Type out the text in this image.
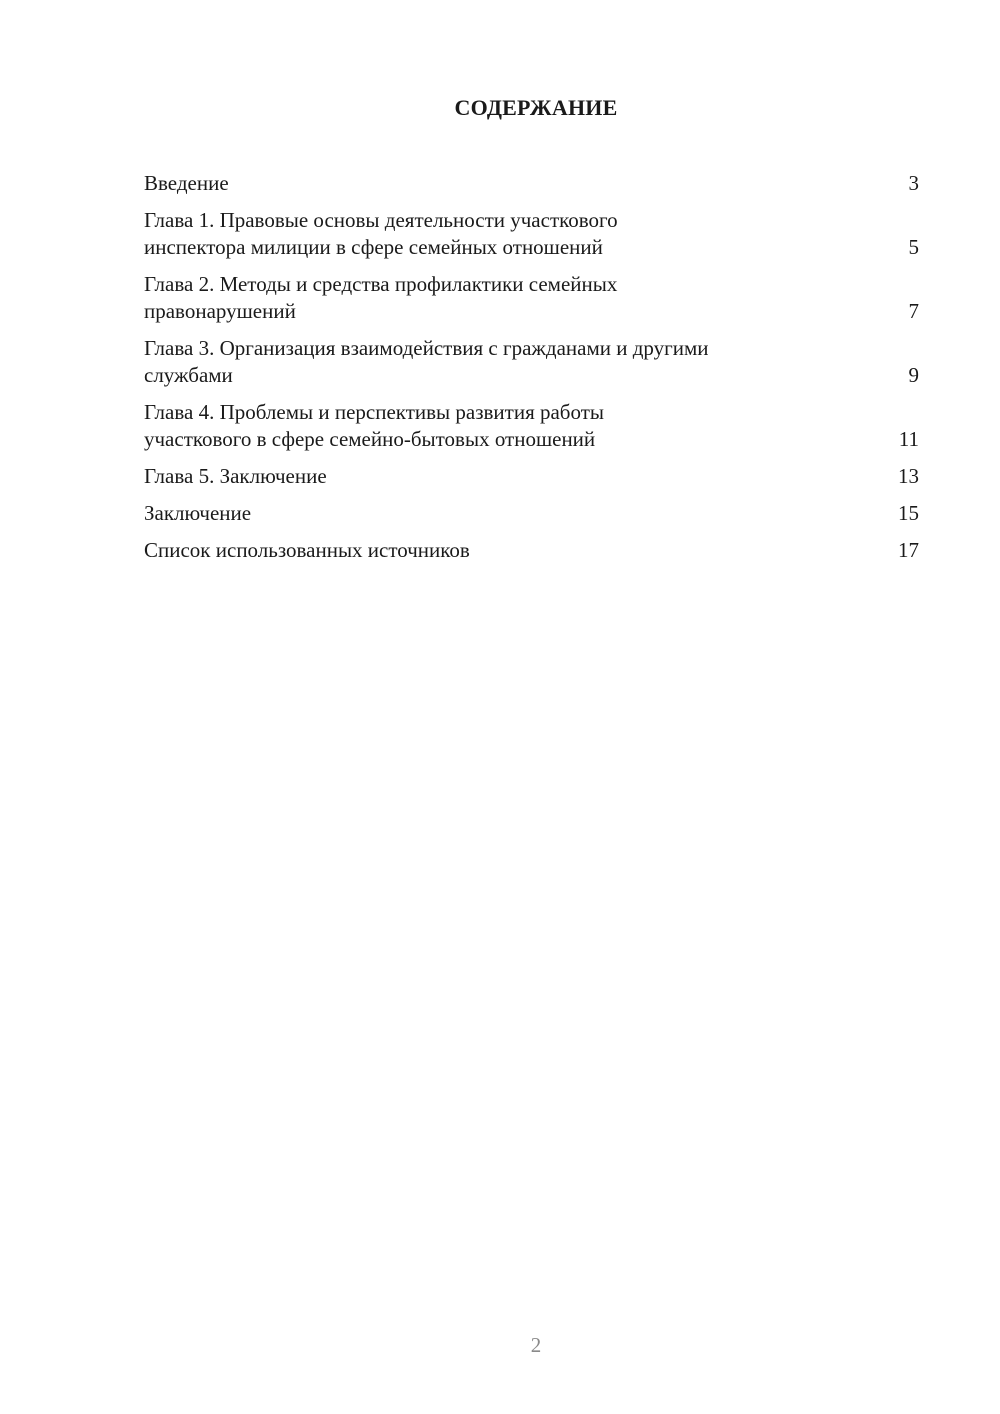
СОДЕРЖАНИЕ
Введение	3
Глава 1. Правовые основы деятельности участкового
инспектора милиции в сфере семейных отношений	5
Глава 2. Методы и средства профилактики семейных
правонарушений	7
Глава 3. Организация взаимодействия с гражданами и другими
службами	9
Глава 4. Проблемы и перспективы развития работы
участкового в сфере семейно-бытовых отношений	11
Глава 5. Заключение	13
Заключение	15
Список использованных источников	17
2
